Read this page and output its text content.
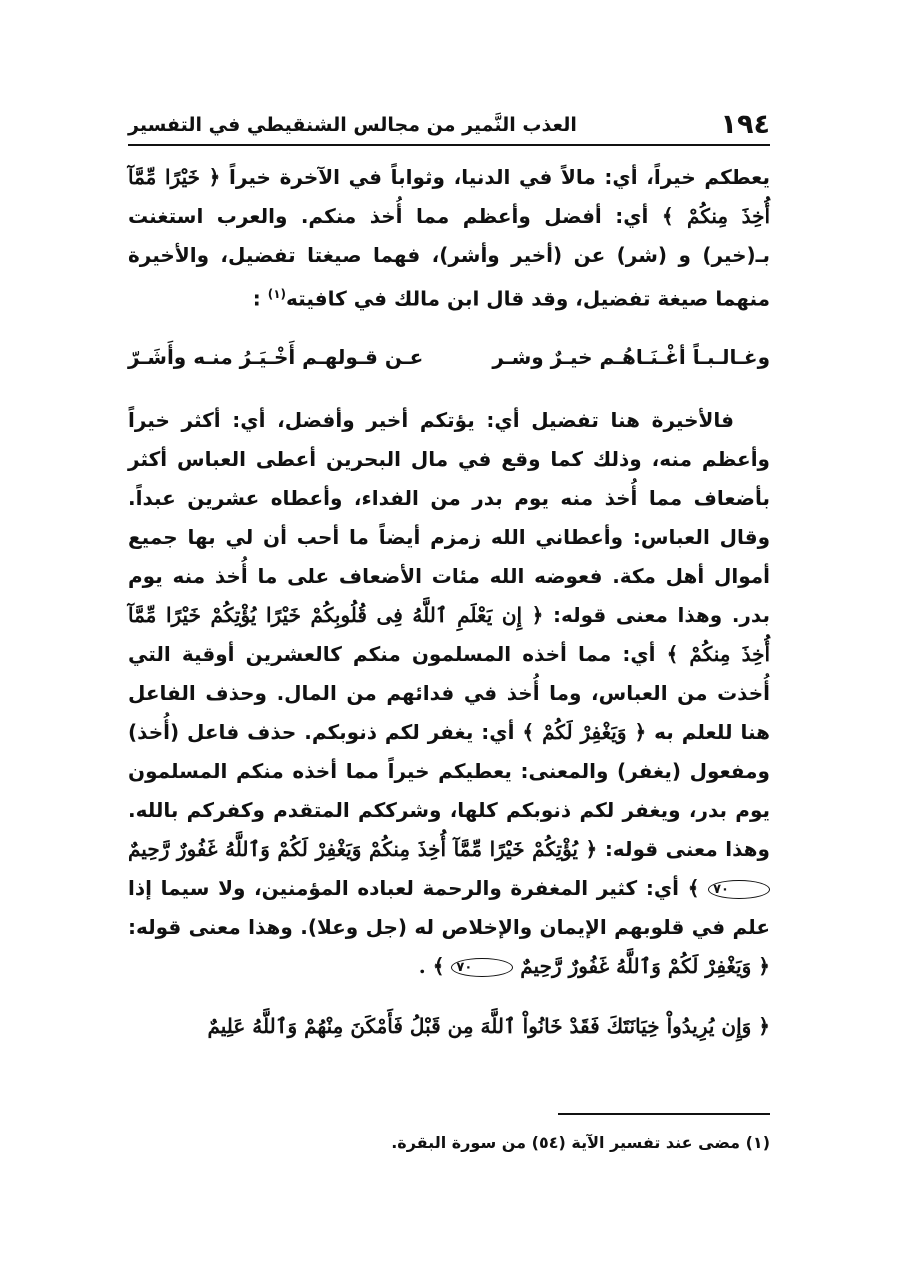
١٩٤
العذب النَّمير من مجالس الشنقيطي في التفسير

يعطكم خيراً، أي: مالاً في الدنيا، وثواباً في الآخرة خيراً ﴿ خَيْرًا مِّمَّآ أُخِذَ مِنكُمْ ﴾ أي: أفضل وأعظم مما أُخذ منكم. والعرب استغنت بـ(خير) و (شر) عن (أخير وأشر)، فهما صيغتا تفضيل، والأخيرة منهما صيغة تفضيل، وقد قال ابن مالك في كافيته$^{(١)}$ :

وغـالـبـاً أغْـنَـاهُـم خيـرٌ وشـر
عـن قـولهـم أَخْـيَـرُ منـه وأَشَـرّ

فالأخيرة هنا تفضيل أي: يؤتكم أخير وأفضل، أي: أكثر خيراً وأعظم منه، وذلك كما وقع في مال البحرين أعطى العباس أكثر بأضعاف مما أُخذ منه يوم بدر من الفداء، وأعطاه عشرين عبداً. وقال العباس: وأعطاني الله زمزم أيضاً ما أحب أن لي بها جميع أموال أهل مكة. فعوضه الله مئات الأضعاف على ما أُخذ منه يوم بدر. وهذا معنى قوله: ﴿ إِن يَعْلَمِ ٱللَّهُ فِى قُلُوبِكُمْ خَيْرًا يُؤْتِكُمْ خَيْرًا مِّمَّآ أُخِذَ مِنكُمْ ﴾ أي: مما أخذه المسلمون منكم كالعشرين أوقية التي أُخذت من العباس، وما أُخذ في فدائهم من المال. وحذف الفاعل هنا للعلم به ﴿ وَيَغْفِرْ لَكُمْ ﴾ أي: يغفر لكم ذنوبكم. حذف فاعل (أُخذ) ومفعول (يغفر) والمعنى: يعطيكم خيراً مما أخذه منكم المسلمون يوم بدر، ويغفر لكم ذنوبكم كلها، وشرككم المتقدم وكفركم بالله. وهذا معنى قوله: ﴿ يُؤْتِكُمْ خَيْرًا مِّمَّآ أُخِذَ مِنكُمْ وَيَغْفِرْ لَكُمْ وَٱللَّهُ غَفُورٌ رَّحِيمٌ ٧٠ ﴾ أي: كثير المغفرة والرحمة لعباده المؤمنين، ولا سيما إذا علم في قلوبهم الإيمان والإخلاص له (جل وعلا). وهذا معنى قوله: ﴿ وَيَغْفِرْ لَكُمْ وَٱللَّهُ غَفُورٌ رَّحِيمٌ ٧٠ ﴾ .

﴿ وَإِن يُرِيدُواْ خِيَانَتَكَ فَقَدْ خَانُواْ ٱللَّهَ مِن قَبْلُ فَأَمْكَنَ مِنْهُمْ وَٱللَّهُ عَلِيمٌ

(١) مضى عند تفسير الآية (٥٤) من سورة البقرة.
